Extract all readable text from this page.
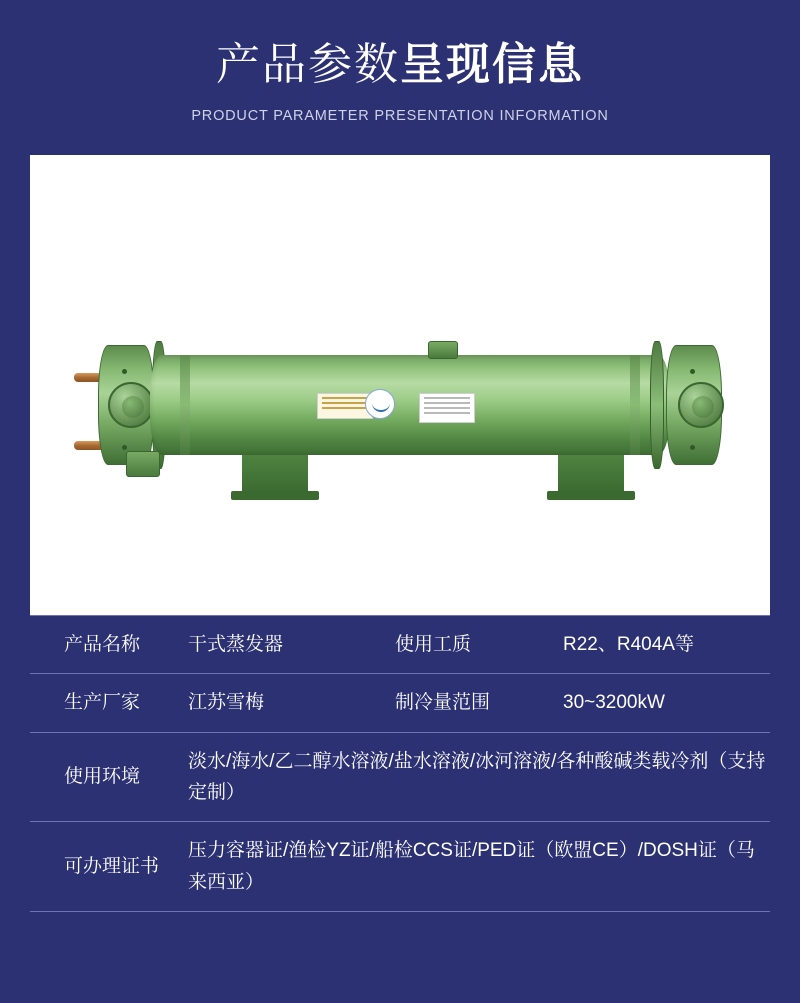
产品参数呈现信息
PRODUCT PARAMETER PRESENTATION INFORMATION
产品名称	干式蒸发器	使用工质	R22、R404A等
生产厂家	江苏雪梅	制冷量范围	30~3200kW
使用环境	淡水/海水/乙二醇水溶液/盐水溶液/冰河溶液/各种酸碱类载冷剂（支持定制）		
可办理证书	压力容器证/渔检YZ证/船检CCS证/PED证（欧盟CE）/DOSH证（马来西亚）		
